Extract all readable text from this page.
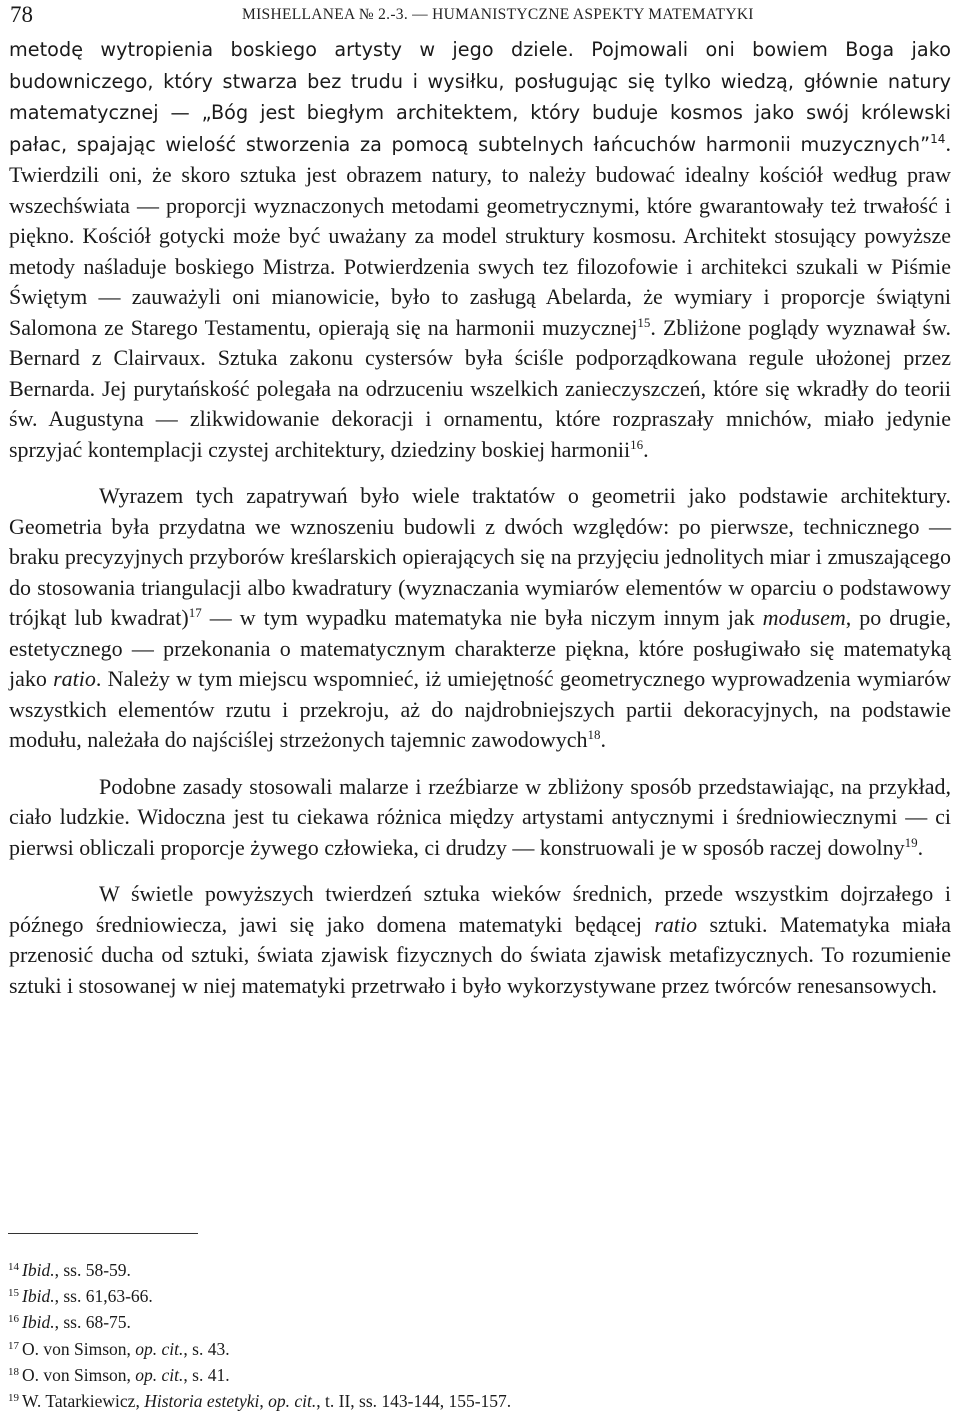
78	MISHELLANEA № 2.-3. — HUMANISTYCZNE ASPEKTY MATEMATYKI

metodę wytropienia boskiego artysty w jego dziele. Pojmowali oni bowiem Boga jako budowniczego, który stwarza bez trudu i wysiłku, posługując się tylko wiedzą, głównie natury matematycznej — „Bóg jest biegłym architektem, który buduje kosmos jako swój królewski pałac, spajając wielość stworzenia za pomocą subtelnych łańcuchów harmonii muzycznych”$^{14}$. Twierdzili oni, że skoro sztuka jest obrazem natury, to należy budować idealny kościół według praw wszechświata — proporcji wyznaczonych metodami geometrycznymi, które gwarantowały też trwałość i piękno. Kościół gotycki może być uważany za model struktury kosmosu. Architekt stosujący powyższe metody naśladuje boskiego Mistrza. Potwierdzenia swych tez filozofowie i architekci szukali w Piśmie Świętym — zauważyli oni mianowicie, było to zasługą Abelarda, że wymiary i proporcje świątyni Salomona ze Starego Testamentu, opierają się na harmonii muzycznej$^{15}$. Zbliżone poglądy wyznawał św. Bernard z Clairvaux. Sztuka zakonu cystersów była ściśle podporządkowana regule ułożonej przez Bernarda. Jej purytańskość polegała na odrzuceniu wszelkich zanieczyszczeń, które się wkradły do teorii św. Augustyna — zlikwidowanie dekoracji i ornamentu, które rozpraszały mnichów, miało jedynie sprzyjać kontemplacji czystej architektury, dziedziny boskiej harmonii$^{16}$.

Wyrazem tych zapatrywań było wiele traktatów o geometrii jako podstawie architektury. Geometria była przydatna we wznoszeniu budowli z dwóch względów: po pierwsze, technicznego — braku precyzyjnych przyborów kreślarskich opierających się na przyjęciu jednolitych miar i zmuszającego do stosowania triangulacji albo kwadratury (wyznaczania wymiarów elementów w oparciu o podstawowy trójkąt lub kwadrat)$^{17}$ — w tym wypadku matematyka nie była niczym innym jak modusem, po drugie, estetycznego — przekonania o matematycznym charakterze piękna, które posługiwało się matematyką jako ratio. Należy w tym miejscu wspomnieć, iż umiejętność geometrycznego wyprowadzenia wymiarów wszystkich elementów rzutu i przekroju, aż do najdrobniejszych partii dekoracyjnych, na podstawie modułu, należała do najściślej strzeżonych tajemnic zawodowych$^{18}$.

Podobne zasady stosowali malarze i rzeźbiarze w zbliżony sposób przedstawiając, na przykład, ciało ludzkie. Widoczna jest tu ciekawa różnica między artystami antycznymi i średniowiecznymi — ci pierwsi obliczali proporcje żywego człowieka, ci drudzy — konstruowali je w sposób raczej dowolny$^{19}$.

W świetle powyższych twierdzeń sztuka wieków średnich, przede wszystkim dojrzałego i późnego średniowiecza, jawi się jako domena matematyki będącej ratio sztuki. Matematyka miała przenosić ducha od sztuki, świata zjawisk fizycznych do świata zjawisk metafizycznych. To rozumienie sztuki i stosowanej w niej matematyki przetrwało i było wykorzystywane przez twórców renesansowych.

$^{14}$ Ibid., ss. 58-59.
$^{15}$ Ibid., ss. 61,63-66.
$^{16}$ Ibid., ss. 68-75.
$^{17}$ O. von Simson, op. cit., s. 43.
$^{18}$ O. von Simson, op. cit., s. 41.
$^{19}$ W. Tatarkiewicz, Historia estetyki, op. cit., t. II, ss. 143-144, 155-157.
